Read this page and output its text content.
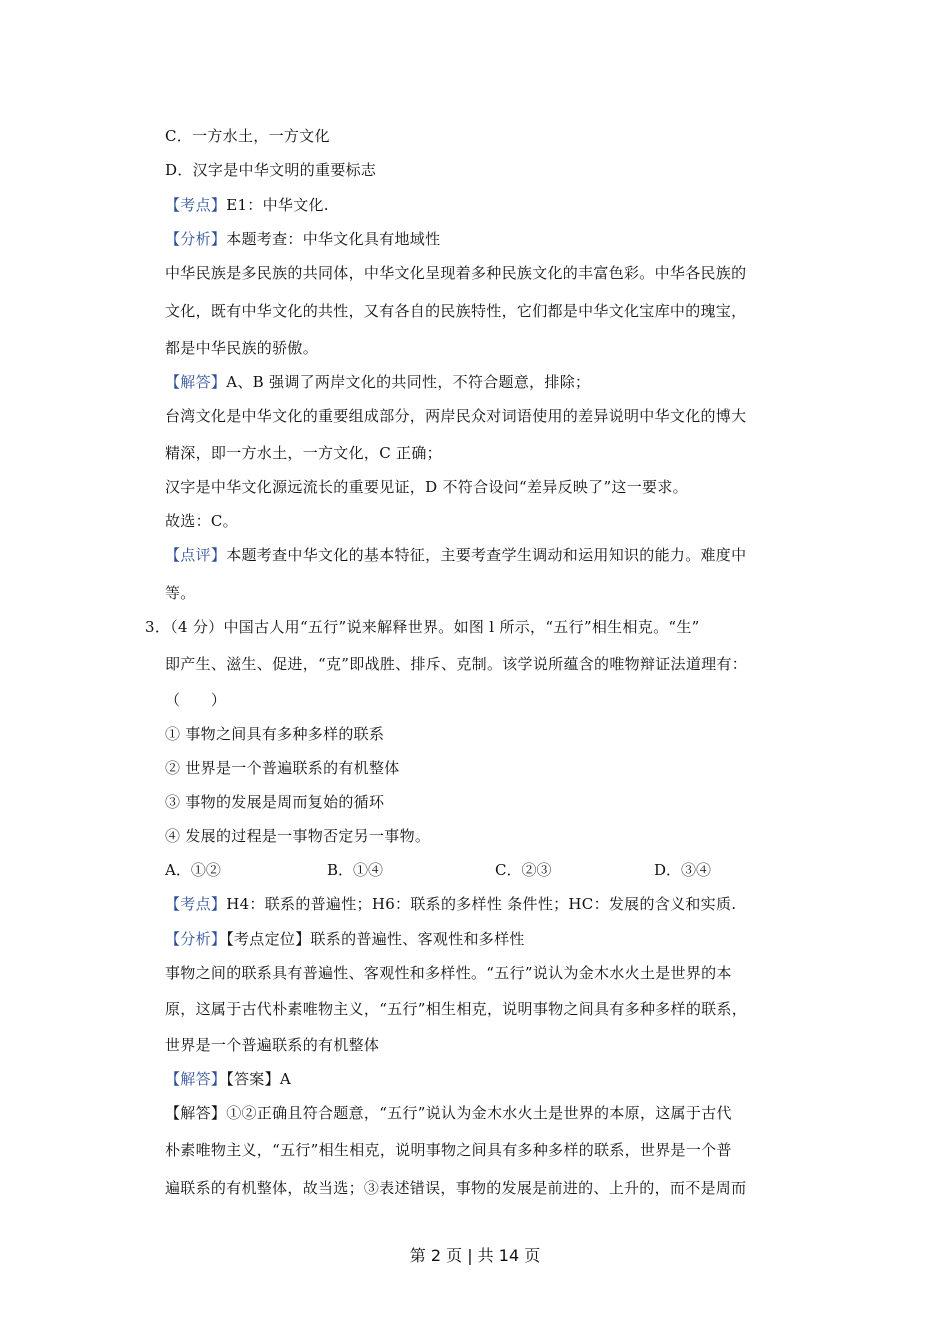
C．一方水土，一方文化
D．汉字是中华文明的重要标志
【考点】E1：中华文化.
【分析】本题考查：中华文化具有地域性
中华民族是多民族的共同体，中华文化呈现着多种民族文化的丰富色彩。中华各民族的
文化，既有中华文化的共性，又有各自的民族特性，它们都是中华文化宝库中的瑰宝，
都是中华民族的骄傲。
【解答】A、B 强调了两岸文化的共同性，不符合题意，排除；
台湾文化是中华文化的重要组成部分，两岸民众对词语使用的差异说明中华文化的博大
精深，即一方水土，一方文化，C 正确；
汉字是中华文化源远流长的重要见证，D 不符合设问“差异反映了”这一要求。
故选：C。
【点评】本题考查中华文化的基本特征，主要考查学生调动和运用知识的能力。难度中
等。
3．（4 分）中国古人用“五行”说来解释世界。如图 l 所示，“五行”相生相克。“生”
即产生、滋生、促进，“克”即战胜、排斥、克制。该学说所蕴含的唯物辩证法道理有：
（　　）
① 事物之间具有多种多样的联系
② 世界是一个普遍联系的有机整体
③ 事物的发展是周而复始的循环
④ 发展的过程是一事物否定另一事物。
A．①②	B．①④	C．②③	D．③④
【考点】H4：联系的普遍性；H6：联系的多样性 条件性；HC：发展的含义和实质.
【分析】【考点定位】联系的普遍性、客观性和多样性
事物之间的联系具有普遍性、客观性和多样性。“五行”说认为金木水火土是世界的本
原，这属于古代朴素唯物主义，“五行”相生相克，说明事物之间具有多种多样的联系，
世界是一个普遍联系的有机整体
【解答】【答案】A
【解答】①②正确且符合题意，“五行”说认为金木水火土是世界的本原，这属于古代
朴素唯物主义，“五行”相生相克，说明事物之间具有多种多样的联系，世界是一个普
遍联系的有机整体，故当选；③表述错误，事物的发展是前进的、上升的，而不是周而
第 2 页 | 共 14 页
